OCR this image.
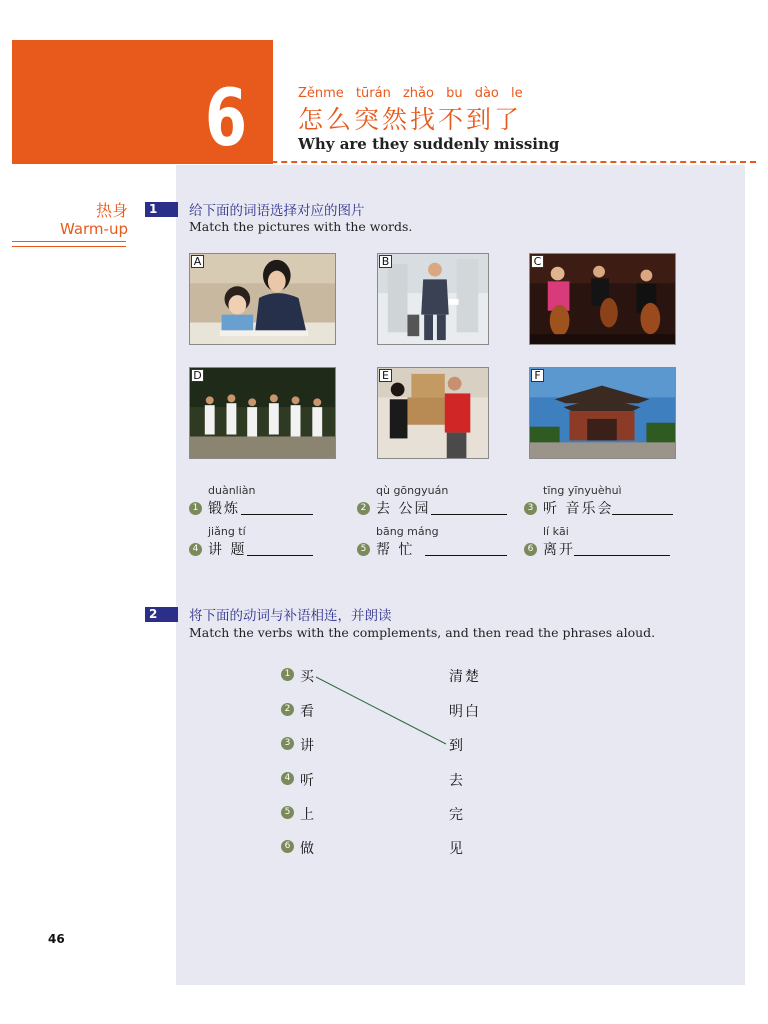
6	Zěnme tūrán zhǎo bu dào le
怎么突然找不到了
Why are they suddenly missing
热身
Warm-up
1	给下面的词语选择对应的图片
Match the pictures with the words.
A	B	C
D	E	F
duànliàn
1 锻炼
qù gōngyuán
2 去 公园
tīng yīnyuèhuì
3 听 音乐会
jiǎng tí
4 讲 题
bāng máng
5 帮 忙
lí kāi
6 离开
2	将下面的动词与补语相连，并朗读
Match the verbs with the complements, and then read the phrases aloud.
1 买
2 看
3 讲
4 听
5 上
6 做
清楚
明白
到
去
完
见
46
